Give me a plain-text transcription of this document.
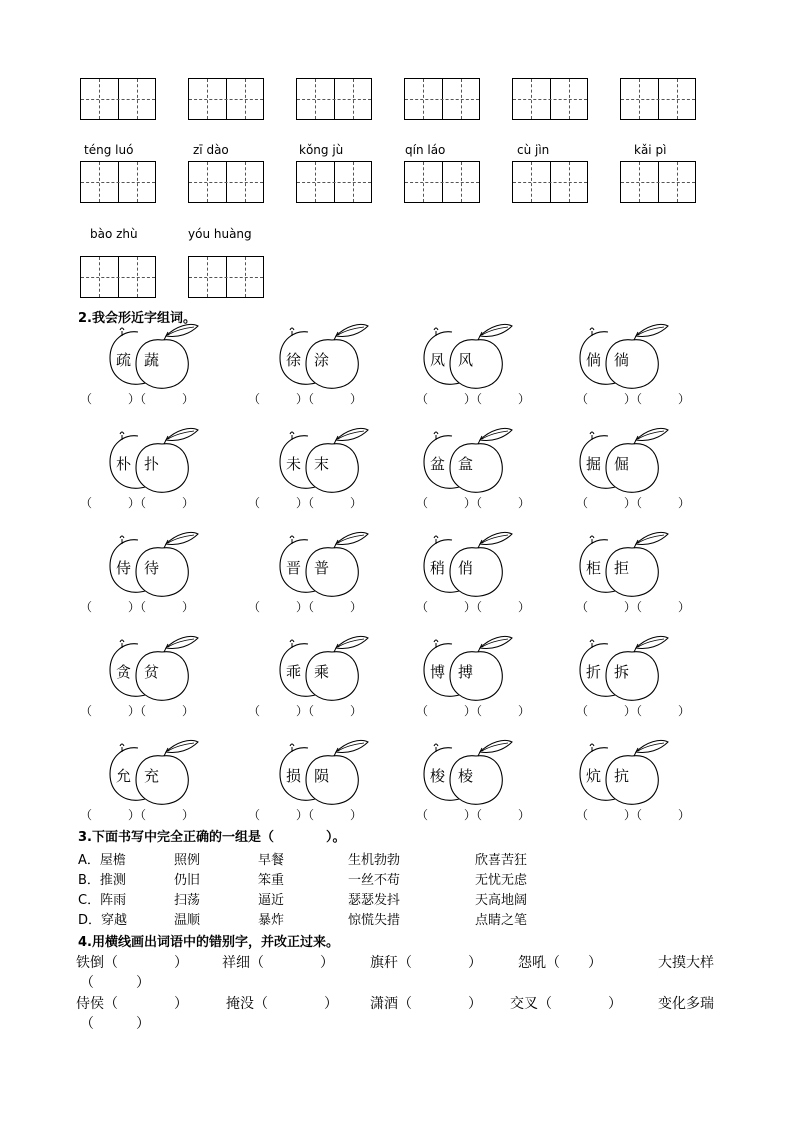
téng luó	zī dào	kǒng jù	qín láo	cù jìn	kǎi pì
bào zhù	yóu huàng
2.我会形近字组词。
疏 蔬
（　　　）（　　　）
徐 涂
（　　　）（　　　）
凤 风
（　　　）（　　　）
倘 徜
（　　　）（　　　）
朴 扑
（　　　）（　　　）
未 末
（　　　）（　　　）
盆 盒
（　　　）（　　　）
掘 倔
（　　　）（　　　）
侍 待
（　　　）（　　　）
晋 普
（　　　）（　　　）
稍 俏
（　　　）（　　　）
柜 拒
（　　　）（　　　）
贪 贫
（　　　）（　　　）
乖 乘
（　　　）（　　　）
博 搏
（　　　）（　　　）
折 拆
（　　　）（　　　）
允 充
（　　　）（　　　）
损 陨
（　　　）（　　　）
梭 棱
（　　　）（　　　）
炕 抗
（　　　）（　　　）
3.下面书写中完全正确的一组是（　　　　）。
A．屋檐	照例	早餐	生机勃勃	欣喜苦狂
B．推测	仍旧	笨重	一丝不苟	无忧无虑
C．阵雨	扫荡	逼近	瑟瑟发抖	天高地阔
D．穿越	温顺	暴炸	惊慌失措	点睛之笔
4.用横线画出词语中的错别字，并改正过来。
铁倒（　　　　） 祥细（　　　　）	旗秆（　　　　）	怨吼（　　）	大摸大样
（　　　）
侍侯（　　　　）	掩没（　　　　） 潇酒（　　　　） 交叉（　　　　）	变化多瑞
（　　　）
